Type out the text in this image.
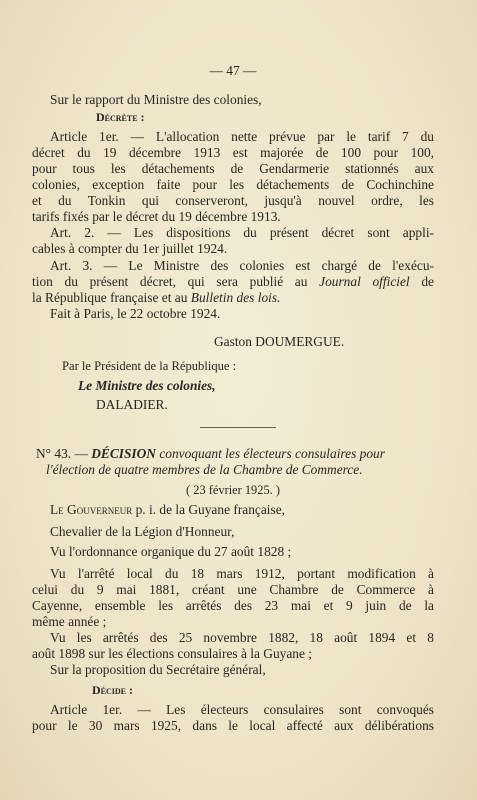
— 47 —
Sur le rapport du Ministre des colonies,
Décrète :
Article 1er. — L'allocation nette prévue par le tarif 7 du
décret du 19 décembre 1913 est majorée de 100 pour 100,
pour tous les détachements de Gendarmerie stationnés aux
colonies, exception faite pour les détachements de Cochinchine
et du Tonkin qui conserveront, jusqu'à nouvel ordre, les
tarifs fixés par le décret du 19 décembre 1913.
Art. 2. — Les dispositions du présent décret sont appli-
cables à compter du 1er juillet 1924.
Art. 3. — Le Ministre des colonies est chargé de l'exécu-
tion du présent décret, qui sera publié au Journal officiel de
la République française et au Bulletin des lois.
Fait à Paris, le 22 octobre 1924.
Gaston DOUMERGUE.
Par le Président de la République :
Le Ministre des colonies,
DALADIER.
N° 43. — DÉCISION convoquant les électeurs consulaires pour
l'élection de quatre membres de la Chambre de Commerce.
( 23 février 1925. )
Le Gouverneur p. i. de la Guyane française,
Chevalier de la Légion d'Honneur,
Vu l'ordonnance organique du 27 août 1828 ;
Vu l'arrêté local du 18 mars 1912, portant modification à
celui du 9 mai 1881, créant une Chambre de Commerce à
Cayenne, ensemble les arrêtés des 23 mai et 9 juin de la
même année ;
Vu les arrêtés des 25 novembre 1882, 18 août 1894 et 8
août 1898 sur les élections consulaires à la Guyane ;
Sur la proposition du Secrétaire général,
Décide :
Article 1er. — Les électeurs consulaires sont convoqués
pour le 30 mars 1925, dans le local affecté aux délibérations
